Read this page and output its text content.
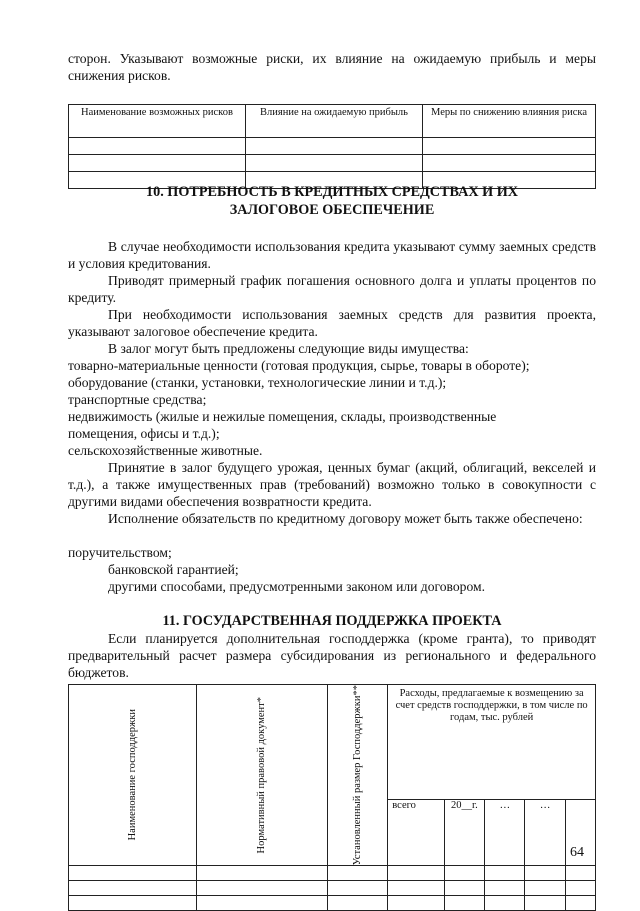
сторон. Указывают возможные риски, их влияние на ожидаемую прибыль и меры снижения рисков.

Наименование возможных рисков	Влияние на ожидаемую прибыль	Меры по снижению влияния риска

10. ПОТРЕБНОСТЬ В КРЕДИТНЫХ СРЕДСТВАХ И ИХ

ЗАЛОГОВОЕ ОБЕСПЕЧЕНИЕ

В случае необходимости использования кредита указывают сумму заемных средств и условия кредитования.

Приводят примерный график погашения основного долга и уплаты процентов по кредиту.

При необходимости использования заемных средств для развития проекта, указывают залоговое обеспечение кредита.

В залог могут быть предложены следующие виды имущества:

товарно-материальные ценности (готовая продукция, сырье, товары в обороте);

оборудование (станки, установки, технологические линии и т.д.);

транспортные средства;

недвижимость (жилые и нежилые помещения, склады, производственные помещения, офисы и т.д.);

сельскохозяйственные животные.

Принятие в залог будущего урожая, ценных бумаг (акций, облигаций, векселей и т.д.), а также имущественных прав (требований) возможно только в совокупности с другими видами обеспечения возвратности кредита.

Исполнение обязательств по кредитному договору может быть также обеспечено:

поручительством;

банковской гарантией;

другими способами, предусмотренными законом или договором.

11. ГОСУДАРСТВЕННАЯ ПОДДЕРЖКА ПРОЕКТА

Если планируется дополнительная господдержка (кроме гранта), то приводят предварительный расчет размера субсидирования из регионального и федерального бюджетов.

Наименование господдержки	Нормативный правовой документ*	Установленный размер Господдержки**	Расходы, предлагаемые к возмещению за счет средств господдержки, в том числе по годам, тыс. рублей				
			всего	20__г.	…	…	

64
